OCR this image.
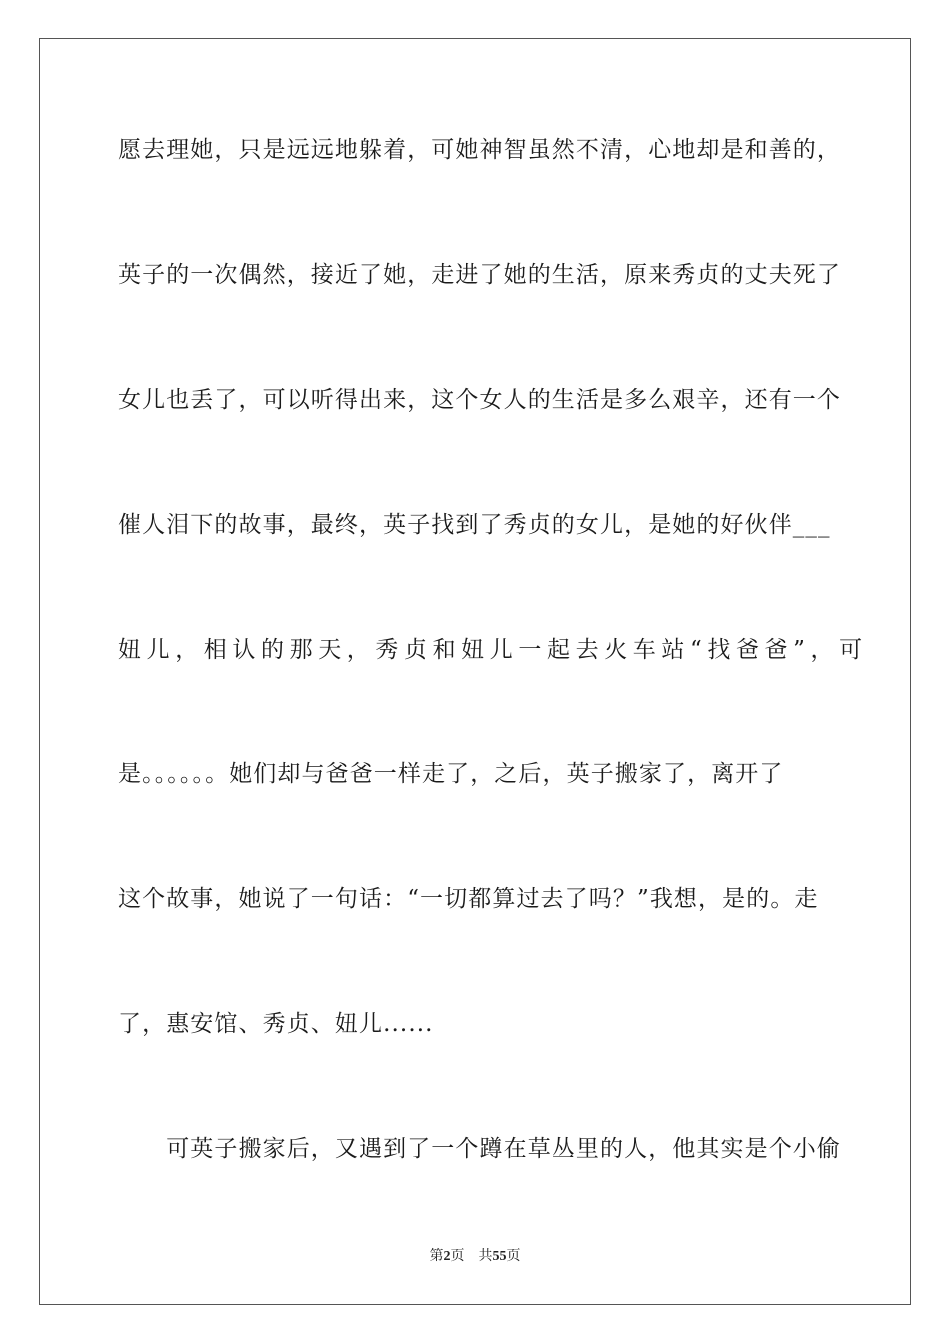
愿去理她，只是远远地躲着，可她神智虽然不清，心地却是和善的，
英子的一次偶然，接近了她，走进了她的生活，原来秀贞的丈夫死了
女儿也丢了，可以听得出来，这个女人的生活是多么艰辛，还有一个
催人泪下的故事，最终，英子找到了秀贞的女儿，是她的好伙伴___
妞儿，相认的那天，秀贞和妞儿一起去火车站“找爸爸”，可
是。。。。。。她们却与爸爸一样走了，之后，英子搬家了，离开了
这个故事，她说了一句话：“一切都算过去了吗？”我想，是的。走
了，惠安馆、秀贞、妞儿......
　　可英子搬家后，又遇到了一个蹲在草丛里的人，他其实是个小偷
第2页 共55页
